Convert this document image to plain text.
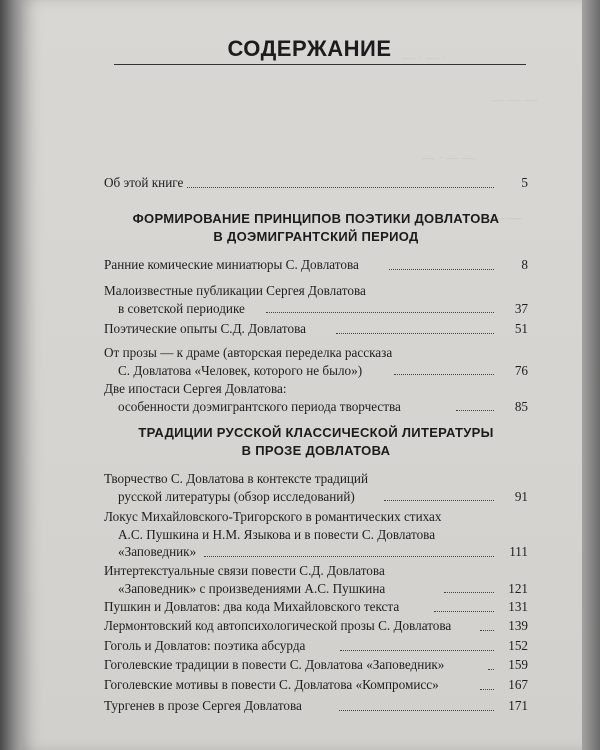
— · — ·
— — —
— · — —
— —
СОДЕРЖАНИЕ
Об этой книге	5
ФОРМИРОВАНИЕ ПРИНЦИПОВ ПОЭТИКИ ДОВЛАТОВА
В ДОЭМИГРАНТСКИЙ ПЕРИОД
Ранние комические миниатюры С. Довлатова	8
Малоизвестные публикации Сергея Довлатова
в советской периодике	37
Поэтические опыты С.Д. Довлатова	51
От прозы — к драме (авторская переделка рассказа
С. Довлатова «Человек, которого не было»)	76
Две ипостаси Сергея Довлатова:
особенности доэмигрантского периода творчества	85
ТРАДИЦИИ РУССКОЙ КЛАССИЧЕСКОЙ ЛИТЕРАТУРЫ
В ПРОЗЕ ДОВЛАТОВА
Творчество С. Довлатова в контексте традиций
русской литературы (обзор исследований)	91
Локус Михайловского-Тригорского в романтических стихах
А.С. Пушкина и Н.М. Языкова и в повести С. Довлатова
«Заповедник»	111
Интертекстуальные связи повести С.Д. Довлатова
«Заповедник» с произведениями А.С. Пушкина	121
Пушкин и Довлатов: два кода Михайловского текста	131
Лермонтовский код автопсихологической прозы С. Довлатова	139
Гоголь и Довлатов: поэтика абсурда	152
Гоголевские традиции в повести С. Довлатова «Заповедник»	159
Гоголевские мотивы в повести С. Довлатова «Компромисс»	167
Тургенев в прозе Сергея Довлатова	171
